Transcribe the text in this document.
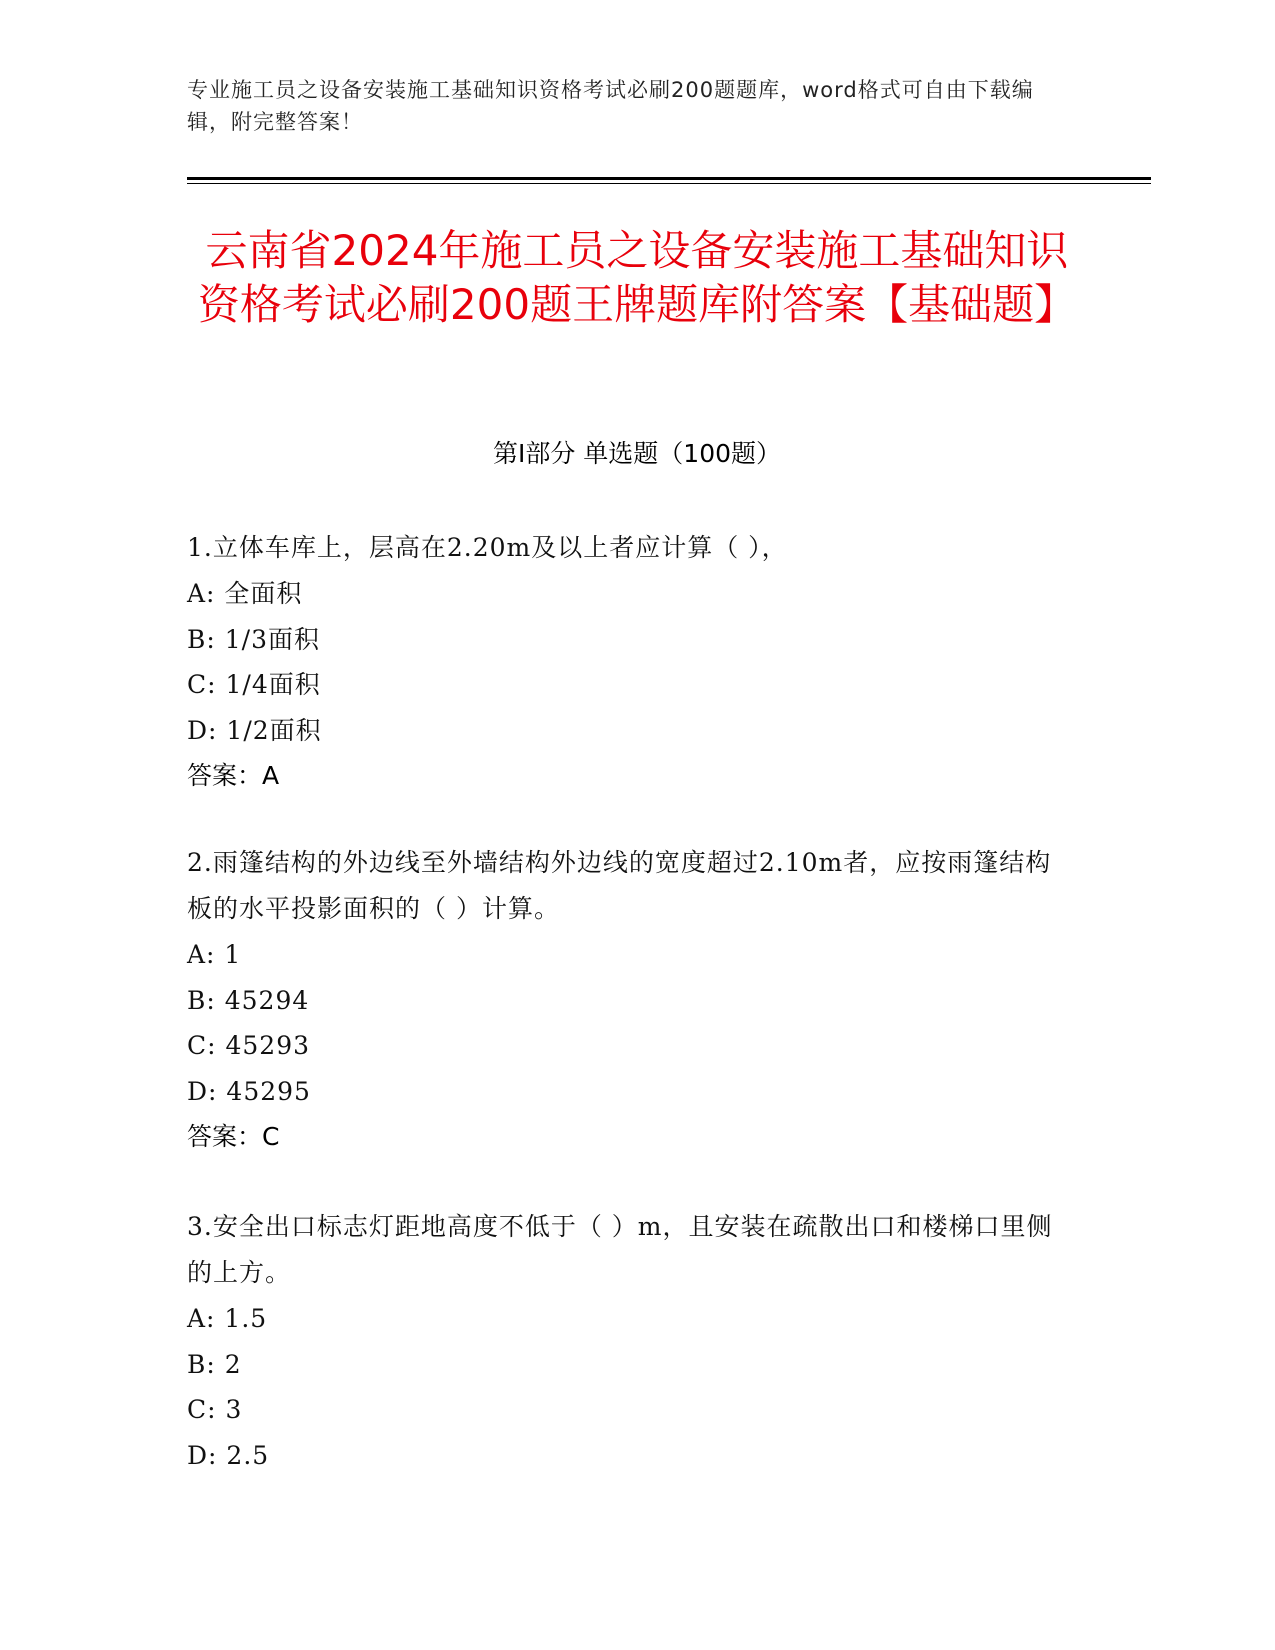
专业施工员之设备安装施工基础知识资格考试必刷200题题库，word格式可自由下载编辑，附完整答案！
云南省2024年施工员之设备安装施工基础知识资格考试必刷200题王牌题库附答案【基础题】
第Ⅰ部分 单选题（100题）
1.立体车库上，层高在2.20m及以上者应计算（ ），
A: 全面积
B: 1/3面积
C: 1/4面积
D: 1/2面积
答案：A
2.雨篷结构的外边线至外墙结构外边线的宽度超过2.10m者，应按雨篷结构板的水平投影面积的（ ）计算。
A: 1
B: 45294
C: 45293
D: 45295
答案：C
3.安全出口标志灯距地高度不低于（ ）m，且安装在疏散出口和楼梯口里侧的上方。
A: 1.5
B: 2
C: 3
D: 2.5
